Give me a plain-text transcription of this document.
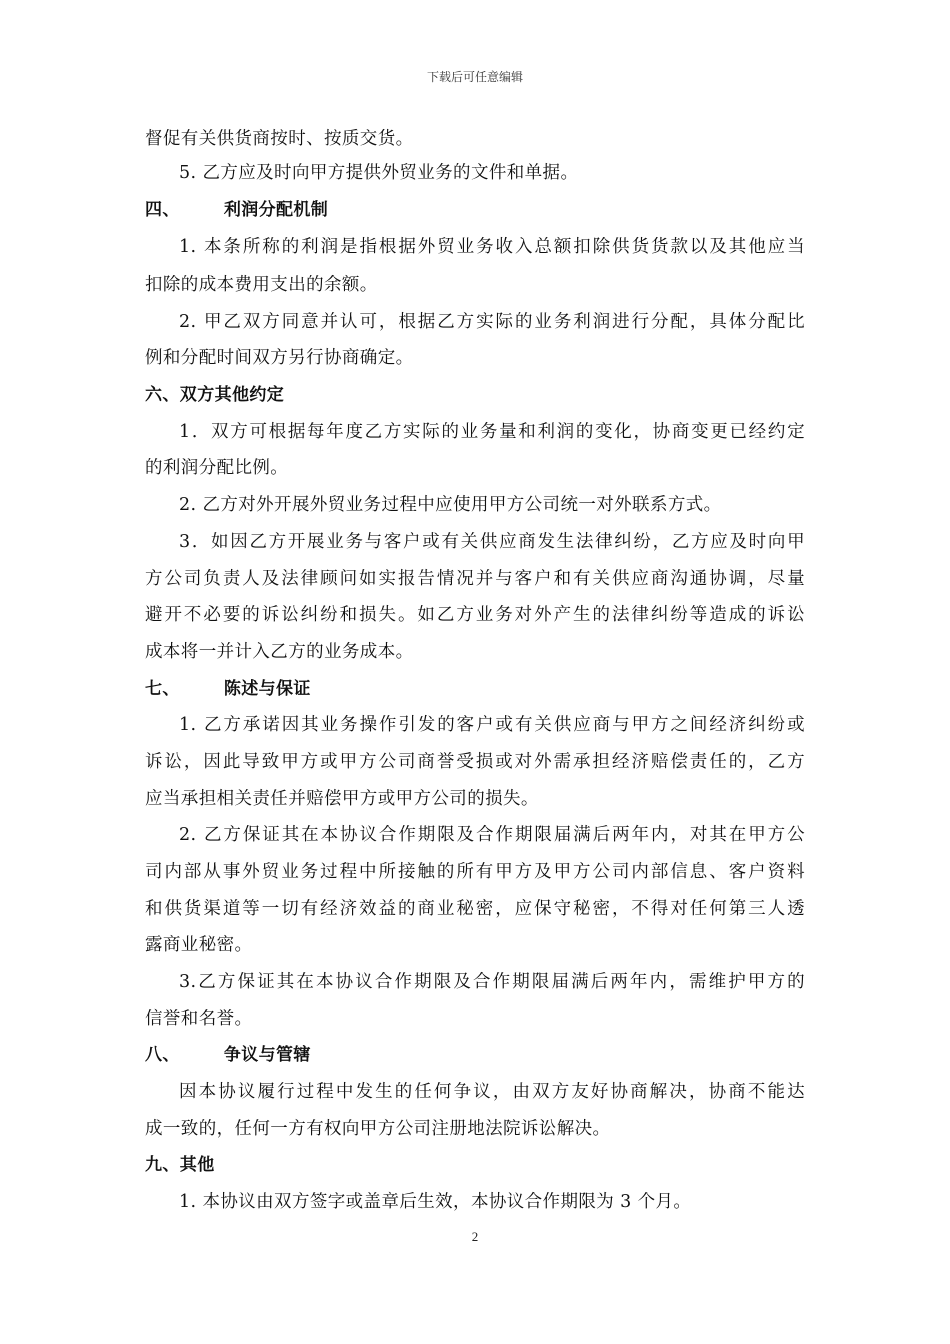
下载后可任意编辑
督促有关供货商按时、按质交货。
5. 乙方应及时向甲方提供外贸业务的文件和单据。
四、	利润分配机制
1. 本条所称的利润是指根据外贸业务收入总额扣除供货货款以及其他应当
扣除的成本费用支出的余额。
2. 甲乙双方同意并认可，根据乙方实际的业务利润进行分配，具体分配比
例和分配时间双方另行协商确定。
六、双方其他约定
1．双方可根据每年度乙方实际的业务量和利润的变化，协商变更已经约定
的利润分配比例。
2. 乙方对外开展外贸业务过程中应使用甲方公司统一对外联系方式。
3．如因乙方开展业务与客户或有关供应商发生法律纠纷，乙方应及时向甲
方公司负责人及法律顾问如实报告情况并与客户和有关供应商沟通协调，尽量
避开不必要的诉讼纠纷和损失。如乙方业务对外产生的法律纠纷等造成的诉讼
成本将一并计入乙方的业务成本。
七、	陈述与保证
1. 乙方承诺因其业务操作引发的客户或有关供应商与甲方之间经济纠纷或
诉讼，因此导致甲方或甲方公司商誉受损或对外需承担经济赔偿责任的，乙方
应当承担相关责任并赔偿甲方或甲方公司的损失。
2. 乙方保证其在本协议合作期限及合作期限届满后两年内，对其在甲方公
司内部从事外贸业务过程中所接触的所有甲方及甲方公司内部信息、客户资料
和供货渠道等一切有经济效益的商业秘密，应保守秘密，不得对任何第三人透
露商业秘密。
3.乙方保证其在本协议合作期限及合作期限届满后两年内，需维护甲方的
信誉和名誉。
八、	争议与管辖
因本协议履行过程中发生的任何争议，由双方友好协商解决，协商不能达
成一致的，任何一方有权向甲方公司注册地法院诉讼解决。
九、其他
1. 本协议由双方签字或盖章后生效，本协议合作期限为 3 个月。
2
